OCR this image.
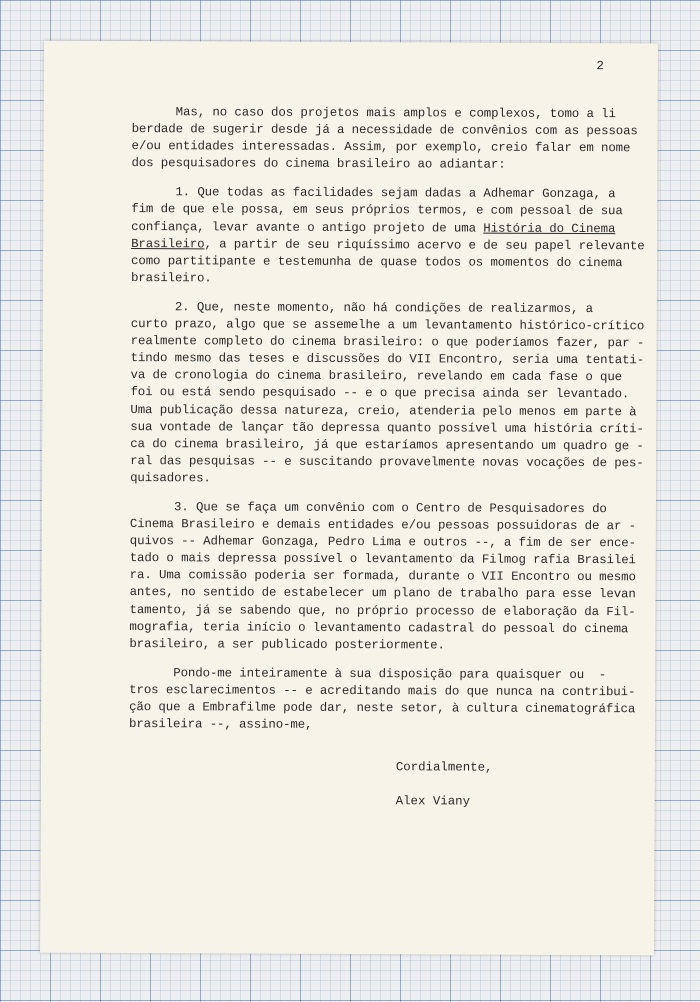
2

Mas, no caso dos projetos mais amplos e complexos, tomo a li
berdade de sugerir desde já a necessidade de convênios com as pessoas
e/ou entidades interessadas. Assim, por exemplo, creio falar em nome
dos pesquisadores do cinema brasileiro ao adiantar:

1. Que todas as facilidades sejam dadas a Adhemar Gonzaga, a
fim de que ele possa, em seus próprios termos, e com pessoal de sua
confiança, levar avante o antigo projeto de uma História do Cinema
Brasileiro, a partir de seu riquíssimo acervo e de seu papel relevante
como partitipante e testemunha de quase todos os momentos do cinema
brasileiro.

2. Que, neste momento, não há condições de realizarmos, a
curto prazo, algo que se assemelhe a um levantamento histórico-crítico
realmente completo do cinema brasileiro: o que poderíamos fazer, par -
tindo mesmo das teses e discussões do VII Encontro, seria uma tentati-
va de cronologia do cinema brasileiro, revelando em cada fase o que
foi ou está sendo pesquisado -- e o que precisa ainda ser levantado.
Uma publicação dessa natureza, creio, atenderia pelo menos em parte à
sua vontade de lançar tão depressa quanto possível uma história críti-
ca do cinema brasileiro, já que estaríamos apresentando um quadro ge -
ral das pesquisas -- e suscitando provavelmente novas vocações de pes-
quisadores.

3. Que se faça um convênio com o Centro de Pesquisadores do
Cinema Brasileiro e demais entidades e/ou pessoas possuidoras de ar -
quivos -- Adhemar Gonzaga, Pedro Lima e outros --, a fim de ser ence-
tado o mais depressa possível o levantamento da Filmog rafia Brasilei
ra. Uma comissão poderia ser formada, durante o VII Encontro ou mesmo
antes, no sentido de estabelecer um plano de trabalho para esse levan
tamento, já se sabendo que, no próprio processo de elaboração da Fil-
mografia, teria início o levantamento cadastral do pessoal do cinema
brasileiro, a ser publicado posteriormente.

Pondo-me inteiramente à sua disposição para quaisquer ou  -
tros esclarecimentos -- e acreditando mais do que nunca na contribui-
ção que a Embrafilme pode dar, neste setor, à cultura cinematográfica
brasileira --, assino-me,

Cordialmente,
Alex Viany
